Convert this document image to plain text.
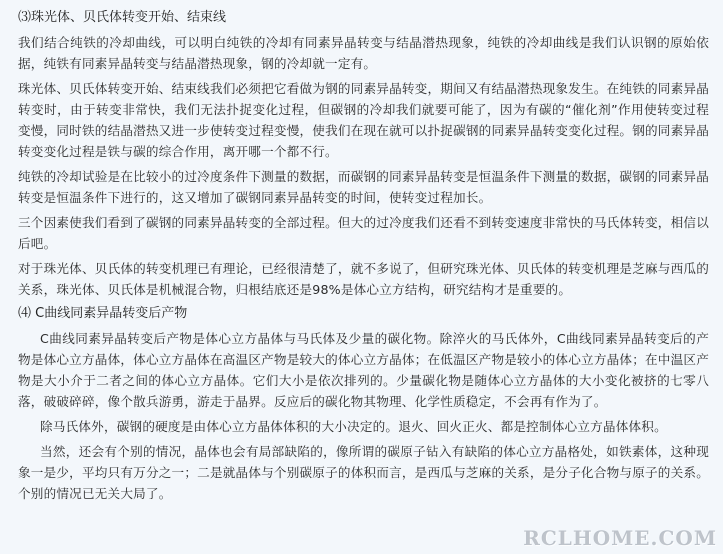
⑶珠光体、贝氏体转变开始、结束线

我们结合纯铁的冷却曲线，可以明白纯铁的冷却有同素异晶转变与结晶潜热现象，纯铁的冷却曲线是我们认识钢的原始依据，纯铁有同素异晶转变与结晶潜热现象，钢的冷却就一定有。

珠光体、贝氏体转变开始、结束线我们必须把它看做为钢的同素异晶转变，期间又有结晶潜热现象发生。在纯铁的同素异晶转变时，由于转变非常快，我们无法扑捉变化过程，但碳钢的冷却我们就要可能了，因为有碳的“催化剂”作用使转变过程变慢，同时铁的结晶潜热又进一步使转变过程变慢，使我们在现在就可以扑捉碳钢的同素异晶转变变化过程。钢的同素异晶转变变化过程是铁与碳的综合作用，离开哪一个都不行。

纯铁的冷却试验是在比较小的过冷度条件下测量的数据，而碳钢的同素异晶转变是恒温条件下测量的数据，碳钢的同素异晶转变是恒温条件下进行的，这又增加了碳钢同素异晶转变的时间，使转变过程加长。

三个因素使我们看到了碳钢的同素异晶转变的全部过程。但大的过冷度我们还看不到转变速度非常快的马氏体转变，相信以后吧。

对于珠光体、贝氏体的转变机理已有理论，已经很清楚了，就不多说了，但研究珠光体、贝氏体的转变机理是芝麻与西瓜的关系，珠光体、贝氏体是机械混合物，归根结底还是98%是体心立方结构，研究结构才是重要的。

⑷ C曲线同素异晶转变后产物

C曲线同素异晶转变后产物是体心立方晶体与马氏体及少量的碳化物。除淬火的马氏体外，C曲线同素异晶转变后的产物是体心立方晶体，体心立方晶体在高温区产物是较大的体心立方晶体；在低温区产物是较小的体心立方晶体；在中温区产物是大小介于二者之间的体心立方晶体。它们大小是依次排列的。少量碳化物是随体心立方晶体的大小变化被挤的七零八落，破破碎碎，像个散兵游勇，游走于晶界。反应后的碳化物其物理、化学性质稳定，不会再有作为了。

除马氏体外，碳钢的硬度是由体心立方晶体体积的大小决定的。退火、回火正火、都是控制体心立方晶体体积。

当然，还会有个别的情况，晶体也会有局部缺陷的，像所谓的碳原子钻入有缺陷的体心立方晶格处，如铁素体，这种现象一是少，平均只有万分之一；二是就晶体与个别碳原子的体积而言，是西瓜与芝麻的关系，是分子化合物与原子的关系。个别的情况已无关大局了。

RCLHOME.COM
